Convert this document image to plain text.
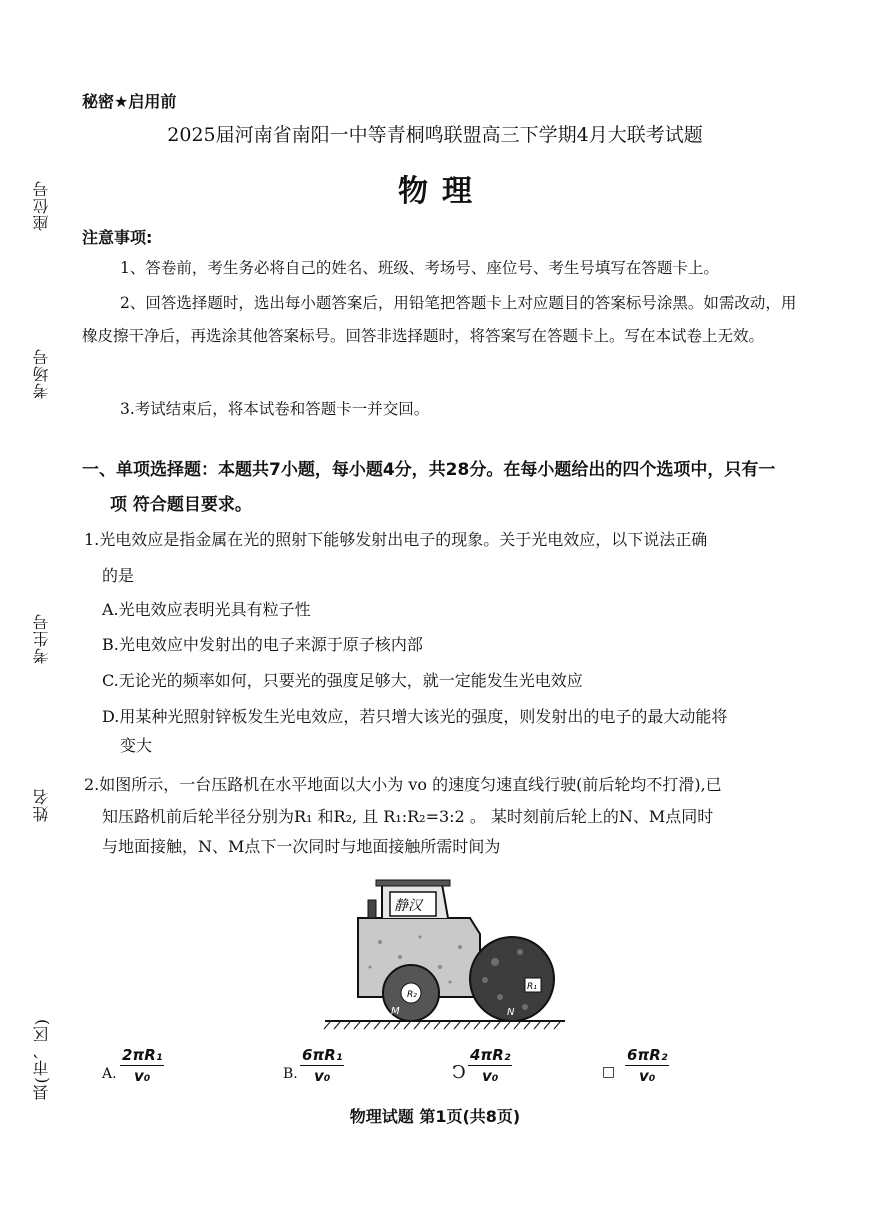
座位号
考场号
考生号
姓名
县(市、区)
秘密★启用前
2025届河南省南阳一中等青桐鸣联盟高三下学期4月大联考试题
物理
注意事项:
1、答卷前，考生务必将自己的姓名、班级、考场号、座位号、考生号填写在答题卡上。
2、回答选择题时，选出每小题答案后，用铅笔把答题卡上对应题目的答案标号涂黑。如需改动，用橡皮擦干净后，再选涂其他答案标号。回答非选择题时，将答案写在答题卡上。写在本试卷上无效。
3.考试结束后，将本试卷和答题卡一并交回。
一、单项选择题：本题共7小题，每小题4分，共28分。在每小题给出的四个选项中，只有一
项 符合题目要求。
1.光电效应是指金属在光的照射下能够发射出电子的现象。关于光电效应，以下说法正确
的是
A.光电效应表明光具有粒子性
B.光电效应中发射出的电子来源于原子核内部
C.无论光的频率如何，只要光的强度足够大，就一定能发生光电效应
D.用某种光照射锌板发生光电效应，若只增大该光的强度，则发射出的电子的最大动能将
变大
2.如图所示，一台压路机在水平地面以大小为 vo 的速度匀速直线行驶(前后轮均不打滑),已
知压路机前后轮半径分别为R₁ 和R₂, 且 R₁:R₂=3:2 。 某时刻前后轮上的N、M点同时
与地面接触，N、M点下一次同时与地面接触所需时间为
静汉
R₂
M
R₁
N
A. $\frac{\text{2πR₁}}{\text{v₀}}$	B. $\frac{\text{6πR₁}}{\text{v₀}}$	Ↄ $\frac{\text{4πR₂}}{\text{v₀}}$	□ $\frac{\text{6πR₂}}{\text{v₀}}$
物理试题 第1页(共8页)
